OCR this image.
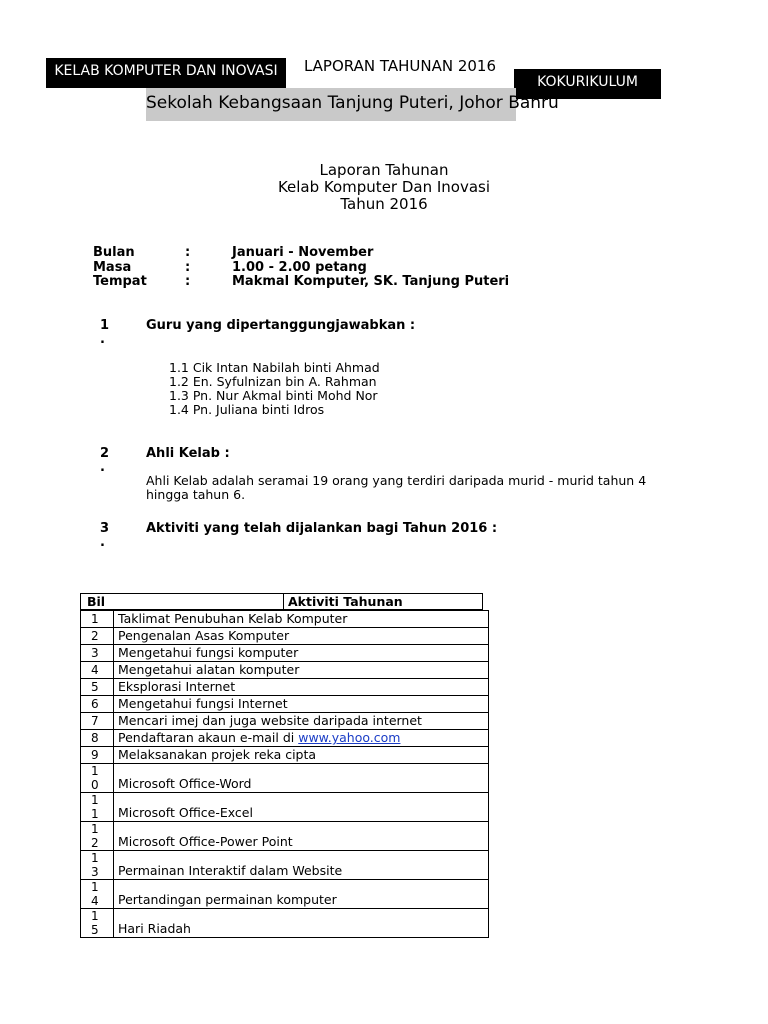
KELAB KOMPUTER DAN INOVASI	LAPORAN TAHUNAN 2016
KOKURIKULUM
Sekolah Kebangsaan Tanjung Puteri, Johor Bahru
Laporan Tahunan
Kelab Komputer Dan Inovasi
Tahun 2016
Bulan	:	Januari - November
Masa	:	1.00 - 2.00 petang
Tempat	:	Makmal Komputer, SK. Tanjung Puteri
1
.
Guru yang dipertanggungjawabkan :
1.1 Cik Intan Nabilah binti Ahmad
1.2 En. Syfulnizan bin A. Rahman
1.3 Pn. Nur Akmal binti Mohd Nor
1.4 Pn. Juliana binti Idros
2
.
Ahli Kelab :
Ahli Kelab adalah seramai 19 orang yang terdiri daripada murid - murid tahun 4
hingga tahun 6.
3
.
Aktiviti yang telah dijalankan bagi Tahun 2016 :
Bil	Aktiviti Tahunan
1	Taklimat Penubuhan Kelab Komputer
2	Pengenalan Asas Komputer
3	Mengetahui fungsi komputer
4	Mengetahui alatan komputer
5	Eksplorasi Internet
6	Mengetahui fungsi Internet
7	Mencari imej dan juga website daripada internet
8	Pendaftaran akaun e-mail di www.yahoo.com
9	Melaksanakan projek reka cipta

1
0	Microsoft Office-Word

1
1	Microsoft Office-Excel

1
2	Microsoft Office-Power Point

1
3	Permainan Interaktif dalam Website

1
4	Pertandingan permainan komputer

1
5	Hari Riadah
